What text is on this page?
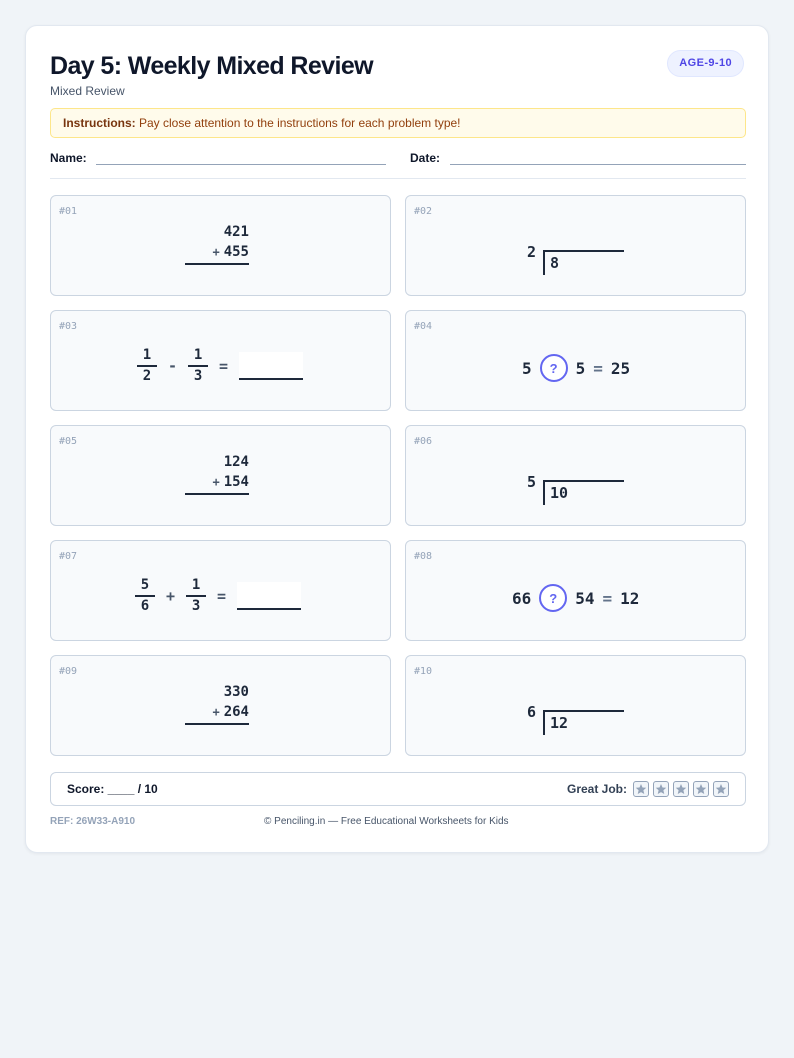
Day 5: Weekly Mixed Review
Mixed Review
AGE-9-10
Instructions: Pay close attention to the instructions for each problem type!
Name:	Date:
#01
421
+ 455
#02
2
8
#03
$\frac{1}{2} - \frac{1}{3}$ =
#04
5	?	5 = 25
#05
124
+ 154
#06
5
10
#07
$\frac{5}{6} + \frac{1}{3}$ =
#08
66	?	54 = 12
#09
330
+ 264
#10
6
12
Score: ____ / 10	Great Job:
REF: 26W33-A910	© Penciling.in — Free Educational Worksheets for Kids
